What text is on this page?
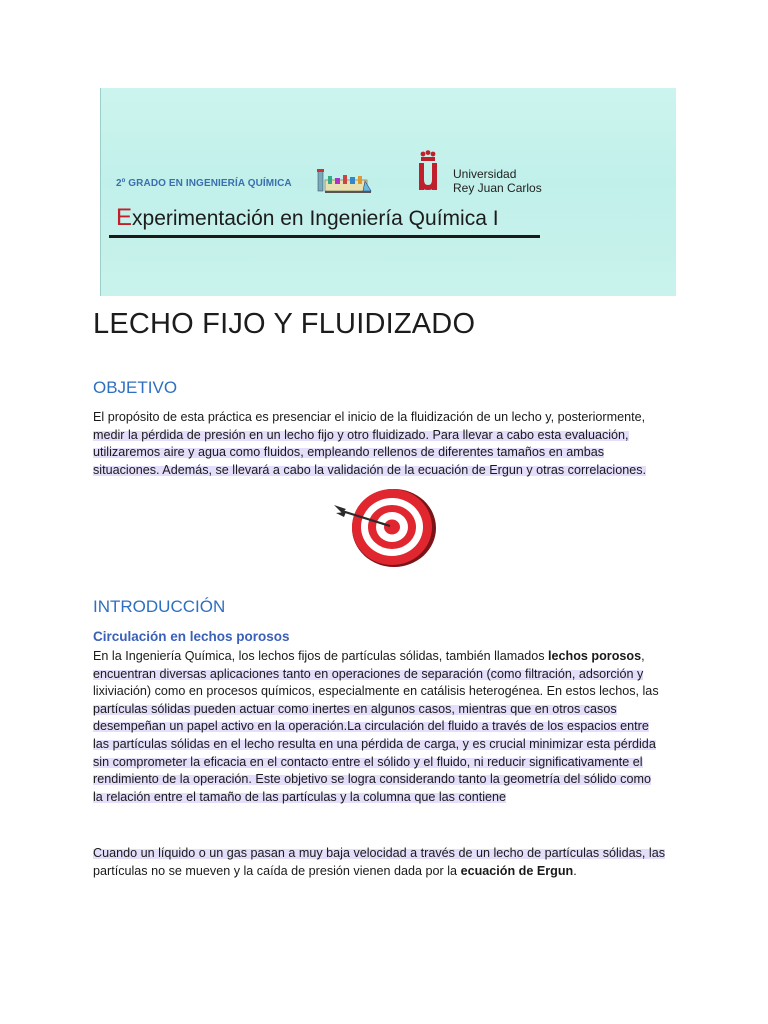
2º GRADO EN INGENIERÍA QUÍMICA
Universidad
Rey Juan Carlos
Experimentación en Ingeniería Química I
LECHO FIJO Y FLUIDIZADO
OBJETIVO

El propósito de esta práctica es presenciar el inicio de la fluidización de un lecho y, posteriormente,
medir la pérdida de presión en un lecho fijo y otro fluidizado. Para llevar a cabo esta evaluación,
utilizaremos aire y agua como fluidos, empleando rellenos de diferentes tamaños en ambas
situaciones. Además, se llevará a cabo la validación de la ecuación de Ergun y otras correlaciones.

INTRODUCCIÓN
Circulación en lechos porosos

En la Ingeniería Química, los lechos fijos de partículas sólidas, también llamados lechos porosos,
encuentran diversas aplicaciones tanto en operaciones de separación (como filtración, adsorción y
lixiviación) como en procesos químicos, especialmente en catálisis heterogénea. En estos lechos, las
partículas sólidas pueden actuar como inertes en algunos casos, mientras que en otros casos
desempeñan un papel activo en la operación.La circulación del fluido a través de los espacios entre
las partículas sólidas en el lecho resulta en una pérdida de carga, y es crucial minimizar esta pérdida
sin comprometer la eficacia en el contacto entre el sólido y el fluido, ni reducir significativamente el
rendimiento de la operación. Este objetivo se logra considerando tanto la geometría del sólido como
la relación entre el tamaño de las partículas y la columna que las contiene

Cuando un líquido o un gas pasan a muy baja velocidad a través de un lecho de partículas sólidas, las
partículas no se mueven y la caída de presión vienen dada por la ecuación de Ergun.
